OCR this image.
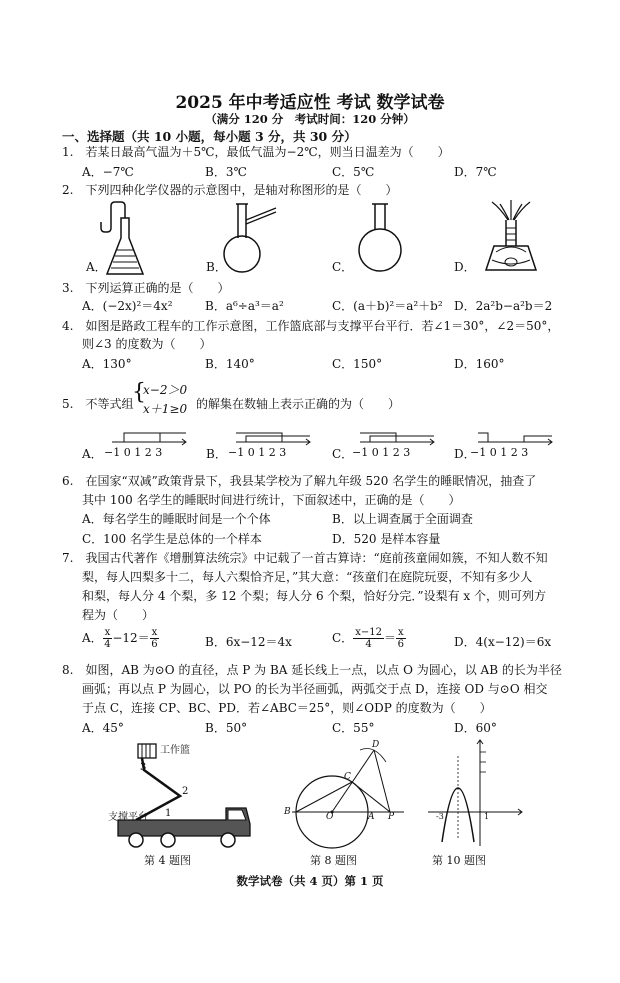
2025 年中考适应性 考试 数学试卷
（满分 120 分　考试时间：120 分钟）
一、选择题（共 10 小题，每小题 3 分，共 30 分）
1.　若某日最高气温为＋5℃，最低气温为−2℃，则当日温差为（　　）
A．−7℃	B．3℃	C．5℃	D．7℃
2.　下列四种化学仪器的示意图中，是轴对称图形的是（　　）
A．	B．	C．	D．
3.　下列运算正确的是（　　）
A．(−2x)²＝4x²	B．a⁶÷a³＝a²	C．(a＋b)²＝a²＋b² D．2a²b−a²b＝2
4.　如图是路政工程车的工作示意图，工作篮底部与支撑平台平行．若∠1＝30°，∠2＝50°，
则∠3 的度数为（　　）
A．130°	B．140°	C．150°	D．160°
5.　不等式组
{
x−2＞0
x＋1≥0 的解集在数轴上表示正确的为（　　）
A． −1 0 1 2 3	B． −1 0 1 2 3	C．
−1 0 1 2 3	D．
−1 0 1 2 3
6.　在国家“双减”政策背景下，我县某学校为了解九年级 520 名学生的睡眠情况，抽查了
其中 100 名学生的睡眠时间进行统计，下面叙述中，正确的是（　　）
A．每名学生的睡眠时间是一个个体	B．以上调查属于全面调查
C．100 名学生是总体的一个样本	D．520 是样本容量
7.　我国古代著作《增删算法统宗》中记载了一首古算诗：“庭前孩童闹如簇，不知人数不知
梨，每人四梨多十二，每人六梨恰齐足，”其大意：“孩童们在庭院玩耍，不知有多少人
和梨，每人分 4 个梨，多 12 个梨；每人分 6 个梨，恰好分完．”设梨有 x 个，则可列方
程为（　　）
A． $\frac{x}{4} -12= \frac{x}{6}$	B．6x−12＝4x	C． $\frac{x-12}{4} = \frac{x}{6}$	D．4(x−12)＝6x
8.　如图，AB 为⊙O 的直径，点 P 为 BA 延长线上一点，以点 O 为圆心，以 AB 的长为半径
画弧；再以点 P 为圆心，以 PO 的长为半径画弧，两弧交于点 D，连接 OD 与⊙O 相交
于点 C，连接 CP、BC、PD．若∠ABC＝25°，则∠ODP 的度数为（　　）
A．45°	B．50°	C．55°	D．60°
工作篮
支撑平台
3
2
1
第 4 题图
B	O	A P
C
D
第 8 题图
-3	1
第 10 题图
数学试卷（共 4 页）第 1 页
